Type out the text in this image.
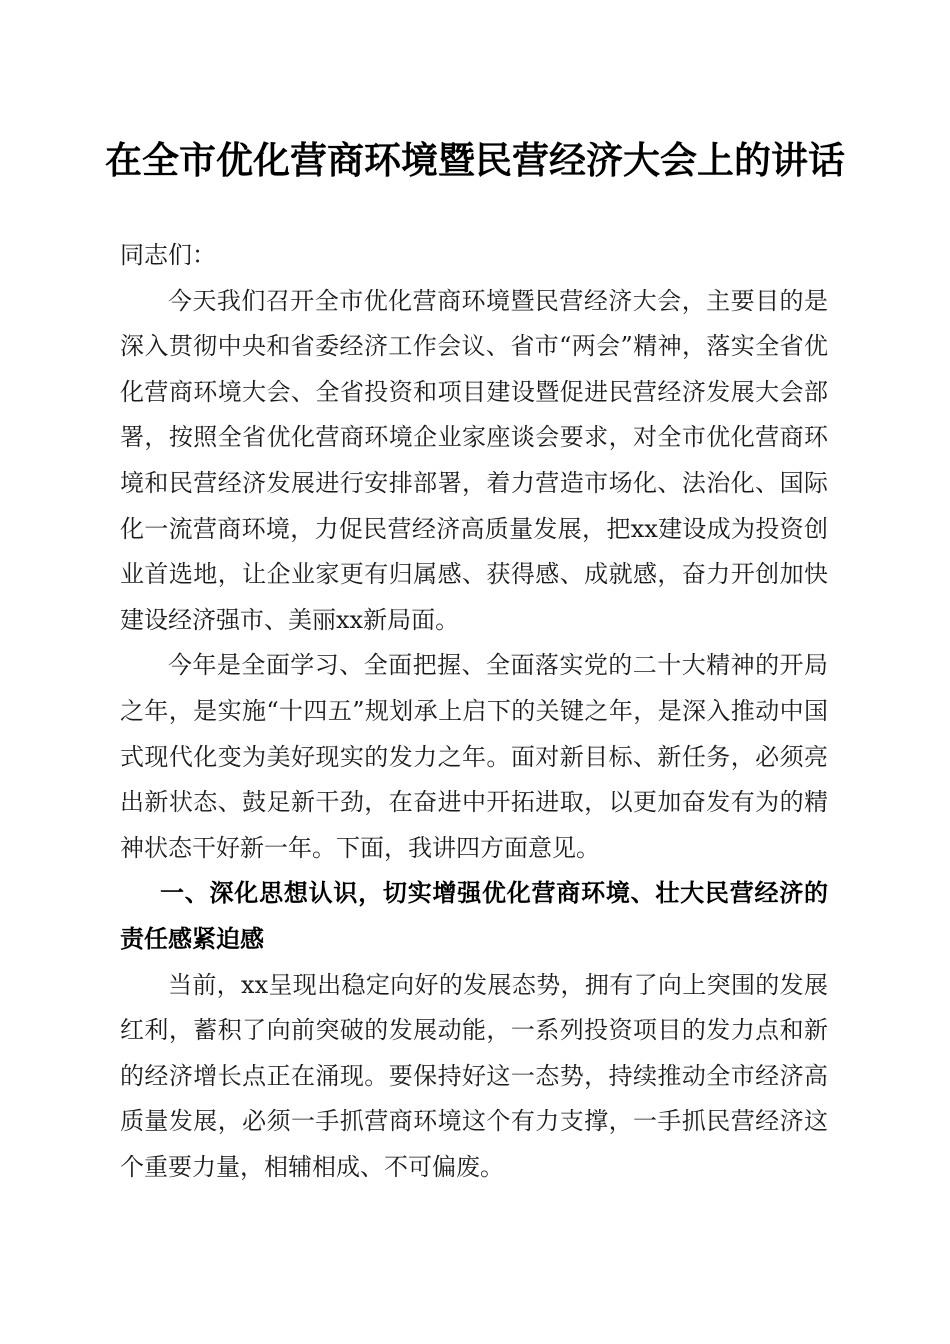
在全市优化营商环境暨民营经济大会上的讲话

同志们：

今天我们召开全市优化营商环境暨民营经济大会，主要目的是深入贯彻中央和省委经济工作会议、省市“两会”精神，落实全省优化营商环境大会、全省投资和项目建设暨促进民营经济发展大会部署，按照全省优化营商环境企业家座谈会要求，对全市优化营商环境和民营经济发展进行安排部署，着力营造市场化、法治化、国际化一流营商环境，力促民营经济高质量发展，把xx建设成为投资创业首选地，让企业家更有归属感、获得感、成就感，奋力开创加快建设经济强市、美丽xx新局面。

今年是全面学习、全面把握、全面落实党的二十大精神的开局之年，是实施“十四五”规划承上启下的关键之年，是深入推动中国式现代化变为美好现实的发力之年。面对新目标、新任务，必须亮出新状态、鼓足新干劲，在奋进中开拓进取，以更加奋发有为的精神状态干好新一年。下面，我讲四方面意见。

一、深化思想认识，切实增强优化营商环境、壮大民营经济的责任感紧迫感

当前，xx呈现出稳定向好的发展态势，拥有了向上突围的发展红利，蓄积了向前突破的发展动能，一系列投资项目的发力点和新的经济增长点正在涌现。要保持好这一态势，持续推动全市经济高质量发展，必须一手抓营商环境这个有力支撑，一手抓民营经济这个重要力量，相辅相成、不可偏废。
